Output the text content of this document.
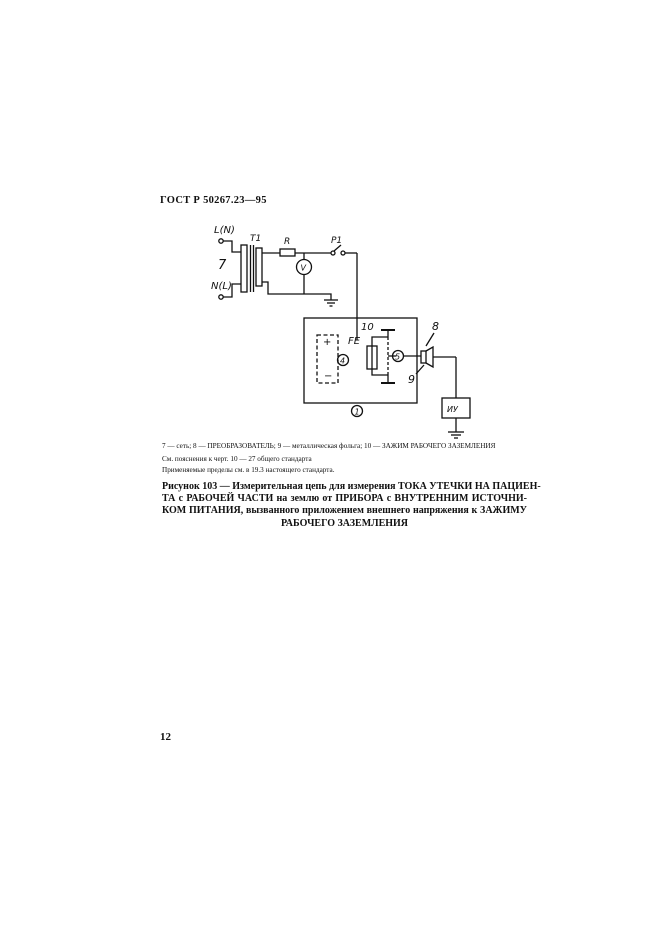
ГОСТ Р 50267.23—95
L(N)
N(L)
7
T1	R	P1
V
10
FE
8
9
4	5
1
+
−
ИУ
7 — сеть; 8 — ПРЕОБРАЗОВАТЕЛЬ; 9 — металлическая фольга; 10 — ЗАЖИМ РАБОЧЕГО ЗАЗЕМЛЕНИЯ
См. пояснения к черт. 10 — 27 общего стандарта
Применяемые пределы см. в 19.3 настоящего стандарта.
Рисунок 103 — Измерительная цепь для измерения ТОКА УТЕЧКИ НА ПАЦИЕН-
ТА с РАБОЧЕЙ ЧАСТИ на землю от ПРИБОРА с ВНУТРЕННИМ ИСТОЧНИ-
КОМ ПИТАНИЯ, вызванного приложением внешнего напряжения к ЗАЖИМУ
РАБОЧЕГО ЗАЗЕМЛЕНИЯ
12
